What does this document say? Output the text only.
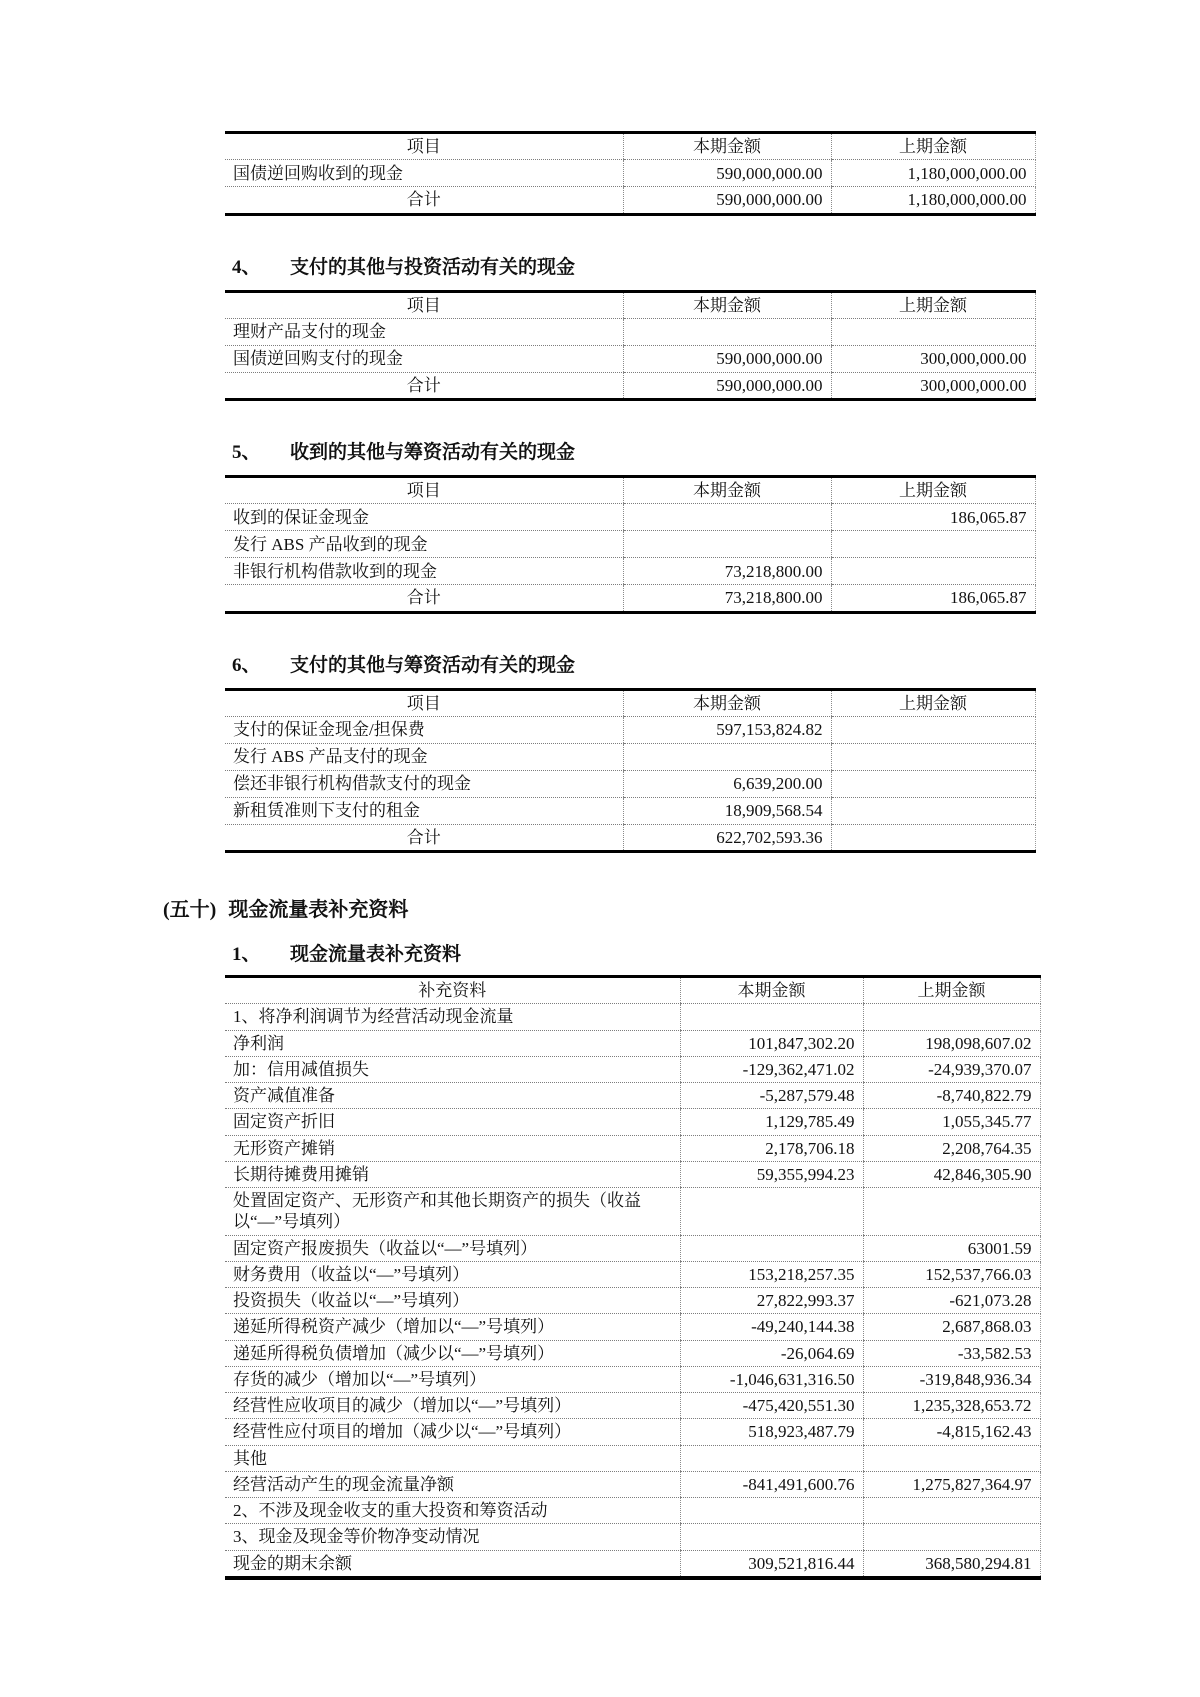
项目	本期金额	上期金额
国债逆回购收到的现金	590,000,000.00	1,180,000,000.00
合计	590,000,000.00	1,180,000,000.00
4、	支付的其他与投资活动有关的现金
项目	本期金额	上期金额
理财产品支付的现金		
国债逆回购支付的现金	590,000,000.00	300,000,000.00
合计	590,000,000.00	300,000,000.00
5、	收到的其他与筹资活动有关的现金
项目	本期金额	上期金额
收到的保证金现金		186,065.87
发行 ABS 产品收到的现金		
非银行机构借款收到的现金	73,218,800.00	
合计	73,218,800.00	186,065.87
6、	支付的其他与筹资活动有关的现金
项目	本期金额	上期金额
支付的保证金现金/担保费	597,153,824.82	
发行 ABS 产品支付的现金		
偿还非银行机构借款支付的现金	6,639,200.00	
新租赁准则下支付的租金	18,909,568.54	
合计	622,702,593.36	
(五十) 现金流量表补充资料
1、	现金流量表补充资料
补充资料	本期金额	上期金额
1、将净利润调节为经营活动现金流量		
净利润	101,847,302.20	198,098,607.02
加：信用减值损失	-129,362,471.02	-24,939,370.07
资产减值准备	-5,287,579.48	-8,740,822.79
固定资产折旧	1,129,785.49	1,055,345.77
无形资产摊销	2,178,706.18	2,208,764.35
长期待摊费用摊销	59,355,994.23	42,846,305.90
处置固定资产、无形资产和其他长期资产的损失（收益以“—”号填列）		
固定资产报废损失（收益以“—”号填列）		63001.59
财务费用（收益以“—”号填列）	153,218,257.35	152,537,766.03
投资损失（收益以“—”号填列）	27,822,993.37	-621,073.28
递延所得税资产减少（增加以“—”号填列）	-49,240,144.38	2,687,868.03
递延所得税负债增加（减少以“—”号填列）	-26,064.69	-33,582.53
存货的减少（增加以“—”号填列）	-1,046,631,316.50	-319,848,936.34
经营性应收项目的减少（增加以“—”号填列）	-475,420,551.30	1,235,328,653.72
经营性应付项目的增加（减少以“—”号填列）	518,923,487.79	-4,815,162.43
其他		
经营活动产生的现金流量净额	-841,491,600.76	1,275,827,364.97
2、不涉及现金收支的重大投资和筹资活动		
3、现金及现金等价物净变动情况		
现金的期末余额	309,521,816.44	368,580,294.81
